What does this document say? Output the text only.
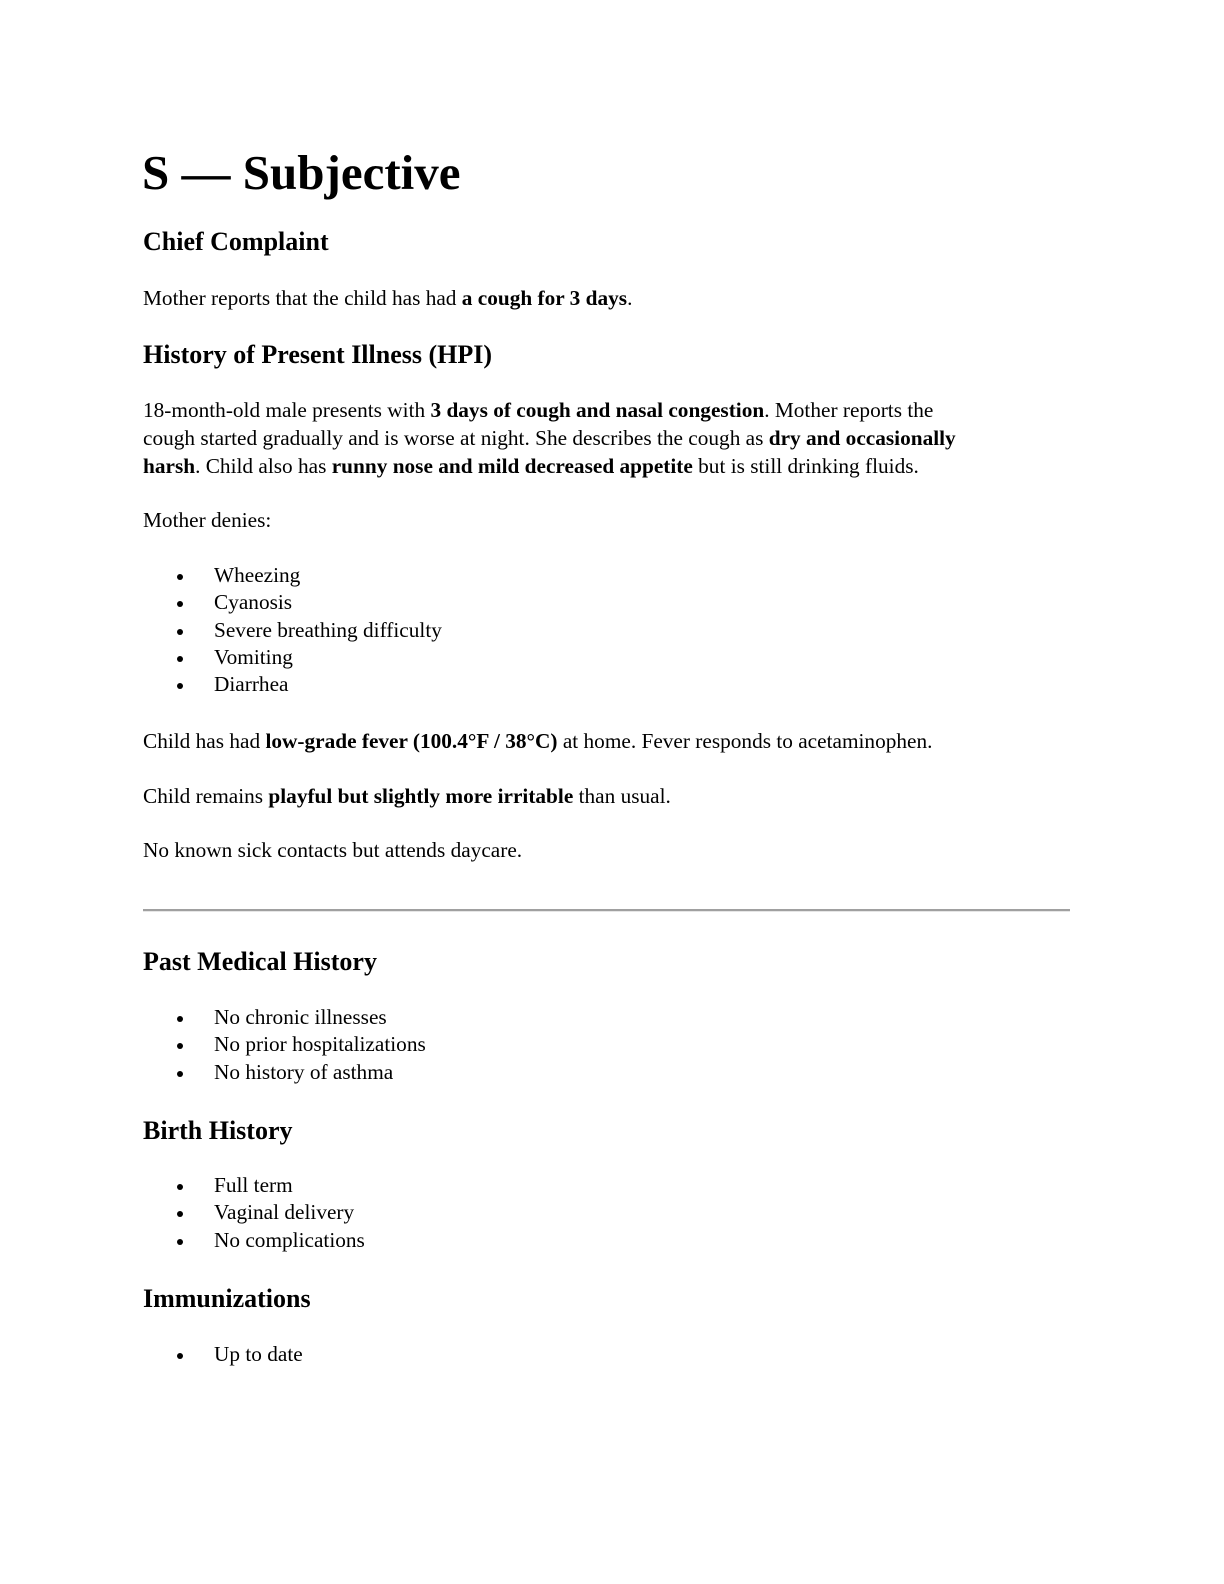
S — Subjective
Chief Complaint

Mother reports that the child has had a cough for 3 days.

History of Present Illness (HPI)

18-month-old male presents with 3 days of cough and nasal congestion. Mother reports the

cough started gradually and is worse at night. She describes the cough as dry and occasionally

harsh. Child also has runny nose and mild decreased appetite but is still drinking fluids.

Mother denies:

Wheezing
Cyanosis
Severe breathing difficulty
Vomiting
Diarrhea

Child has had low-grade fever (100.4°F / 38°C) at home. Fever responds to acetaminophen.

Child remains playful but slightly more irritable than usual.

No known sick contacts but attends daycare.

Past Medical History
No chronic illnesses
No prior hospitalizations
No history of asthma
Birth History
Full term
Vaginal delivery
No complications
Immunizations
Up to date
